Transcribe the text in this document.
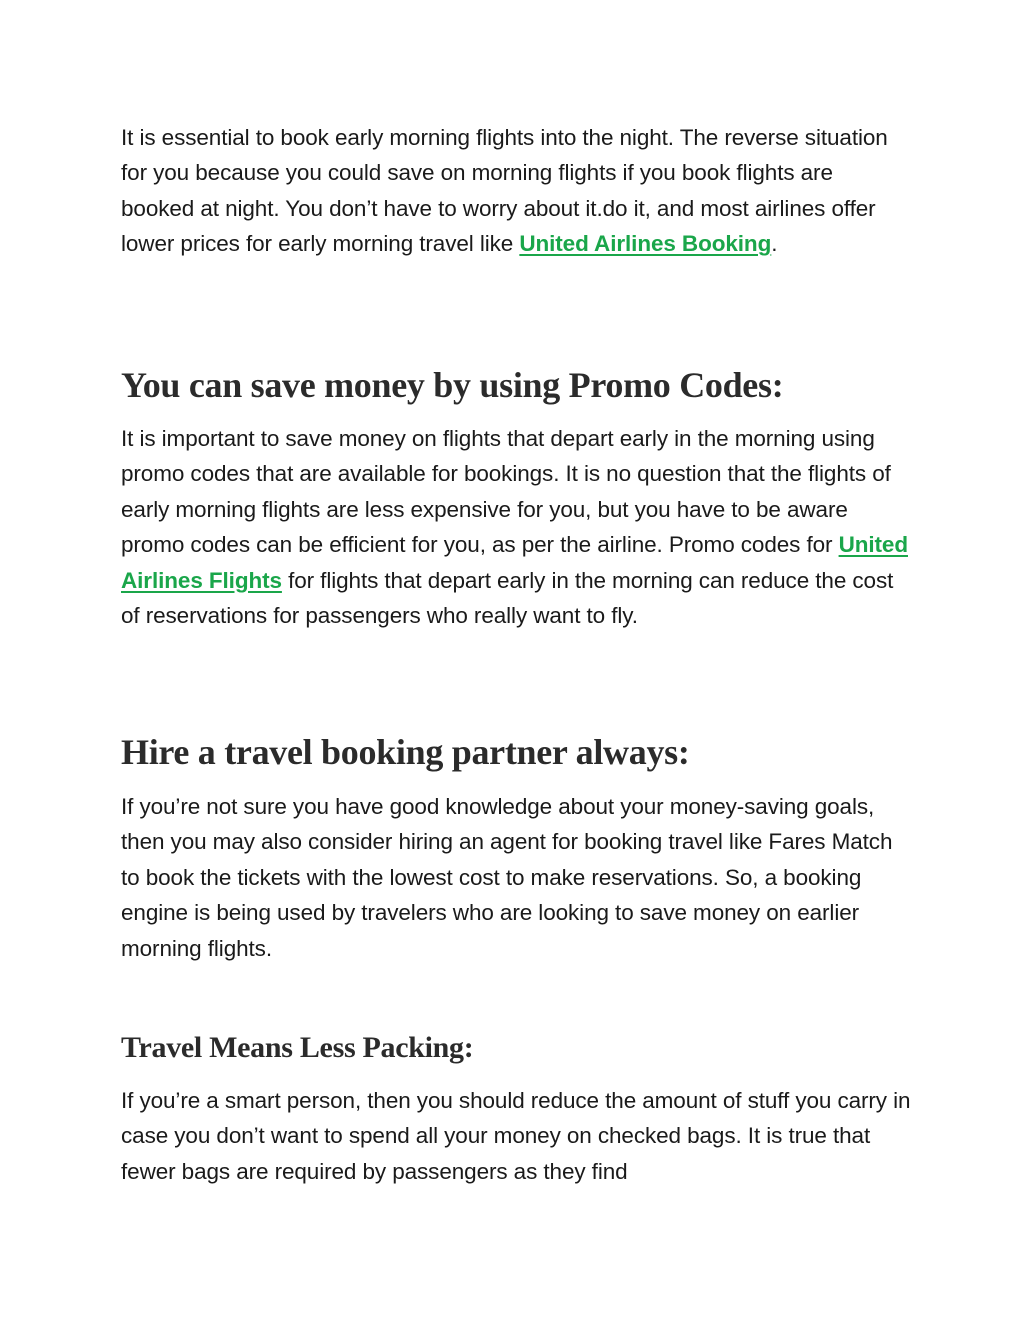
It is essential to book early morning flights into the night. The reverse situation for you because you could save on morning flights if you book flights are booked at night. You don’t have to worry about it.do it, and most airlines offer lower prices for early morning travel like United Airlines Booking.

You can save money by using Promo Codes:

It is important to save money on flights that depart early in the morning using promo codes that are available for bookings. It is no question that the flights of early morning flights are less expensive for you, but you have to be aware promo codes can be efficient for you, as per the airline. Promo codes for United Airlines Flights for flights that depart early in the morning can reduce the cost of reservations for passengers who really want to fly.

Hire a travel booking partner always:

If you’re not sure you have good knowledge about your money-saving goals, then you may also consider hiring an agent for booking travel like Fares Match to book the tickets with the lowest cost to make reservations. So, a booking engine is being used by travelers who are looking to save money on earlier morning flights.

Travel Means Less Packing:

If you’re a smart person, then you should reduce the amount of stuff you carry in case you don’t want to spend all your money on checked bags. It is true that fewer bags are required by passengers as they find
